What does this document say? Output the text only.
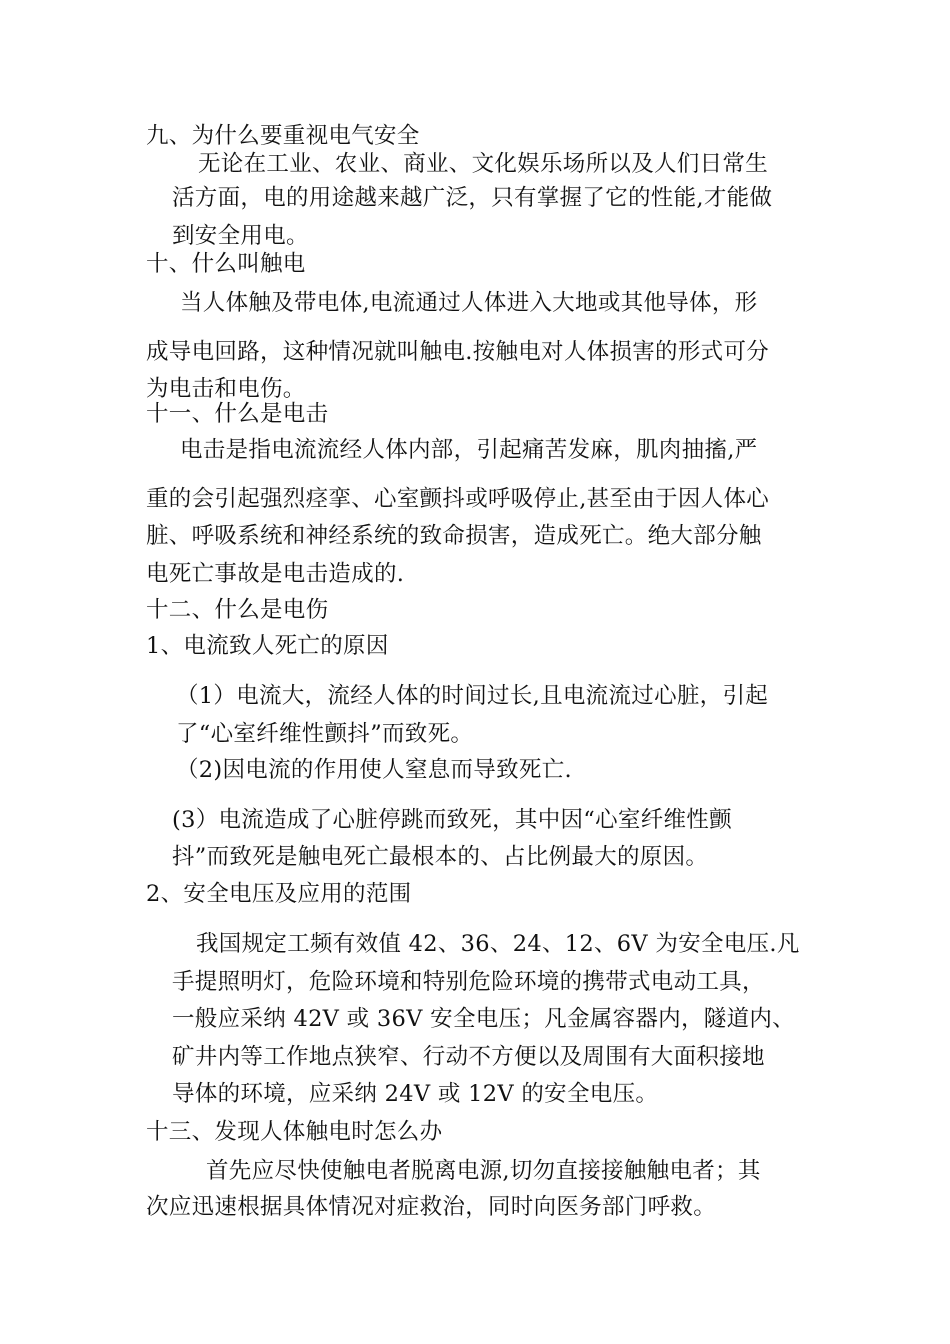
九、为什么要重视电气安全
无论在工业、农业、商业、文化娱乐场所以及人们日常生
活方面，电的用途越来越广泛，只有掌握了它的性能,才能做
到安全用电。
十、什么叫触电
当人体触及带电体,电流通过人体进入大地或其他导体，形
成导电回路，这种情况就叫触电.按触电对人体损害的形式可分
为电击和电伤。
十一、什么是电击
电击是指电流流经人体内部，引起痛苦发麻，肌肉抽搐,严
重的会引起强烈痉挛、心室颤抖或呼吸停止,甚至由于因人体心
脏、呼吸系统和神经系统的致命损害，造成死亡。绝大部分触
电死亡事故是电击造成的.
十二、什么是电伤
1、电流致人死亡的原因
（1）电流大，流经人体的时间过长,且电流流过心脏，引起
了“心室纤维性颤抖”而致死。
（2)因电流的作用使人窒息而导致死亡.
(3）电流造成了心脏停跳而致死，其中因“心室纤维性颤
抖”而致死是触电死亡最根本的、占比例最大的原因。
2、安全电压及应用的范围
我国规定工频有效值 42、36、24、12、6V 为安全电压.凡
手提照明灯，危险环境和特别危险环境的携带式电动工具，
一般应采纳 42V 或 36V 安全电压；凡金属容器内，隧道内、
矿井内等工作地点狭窄、行动不方便以及周围有大面积接地
导体的环境，应采纳 24V 或 12V 的安全电压。
十三、发现人体触电时怎么办
首先应尽快使触电者脱离电源,切勿直接接触触电者；其
次应迅速根据具体情况对症救治，同时向医务部门呼救。
